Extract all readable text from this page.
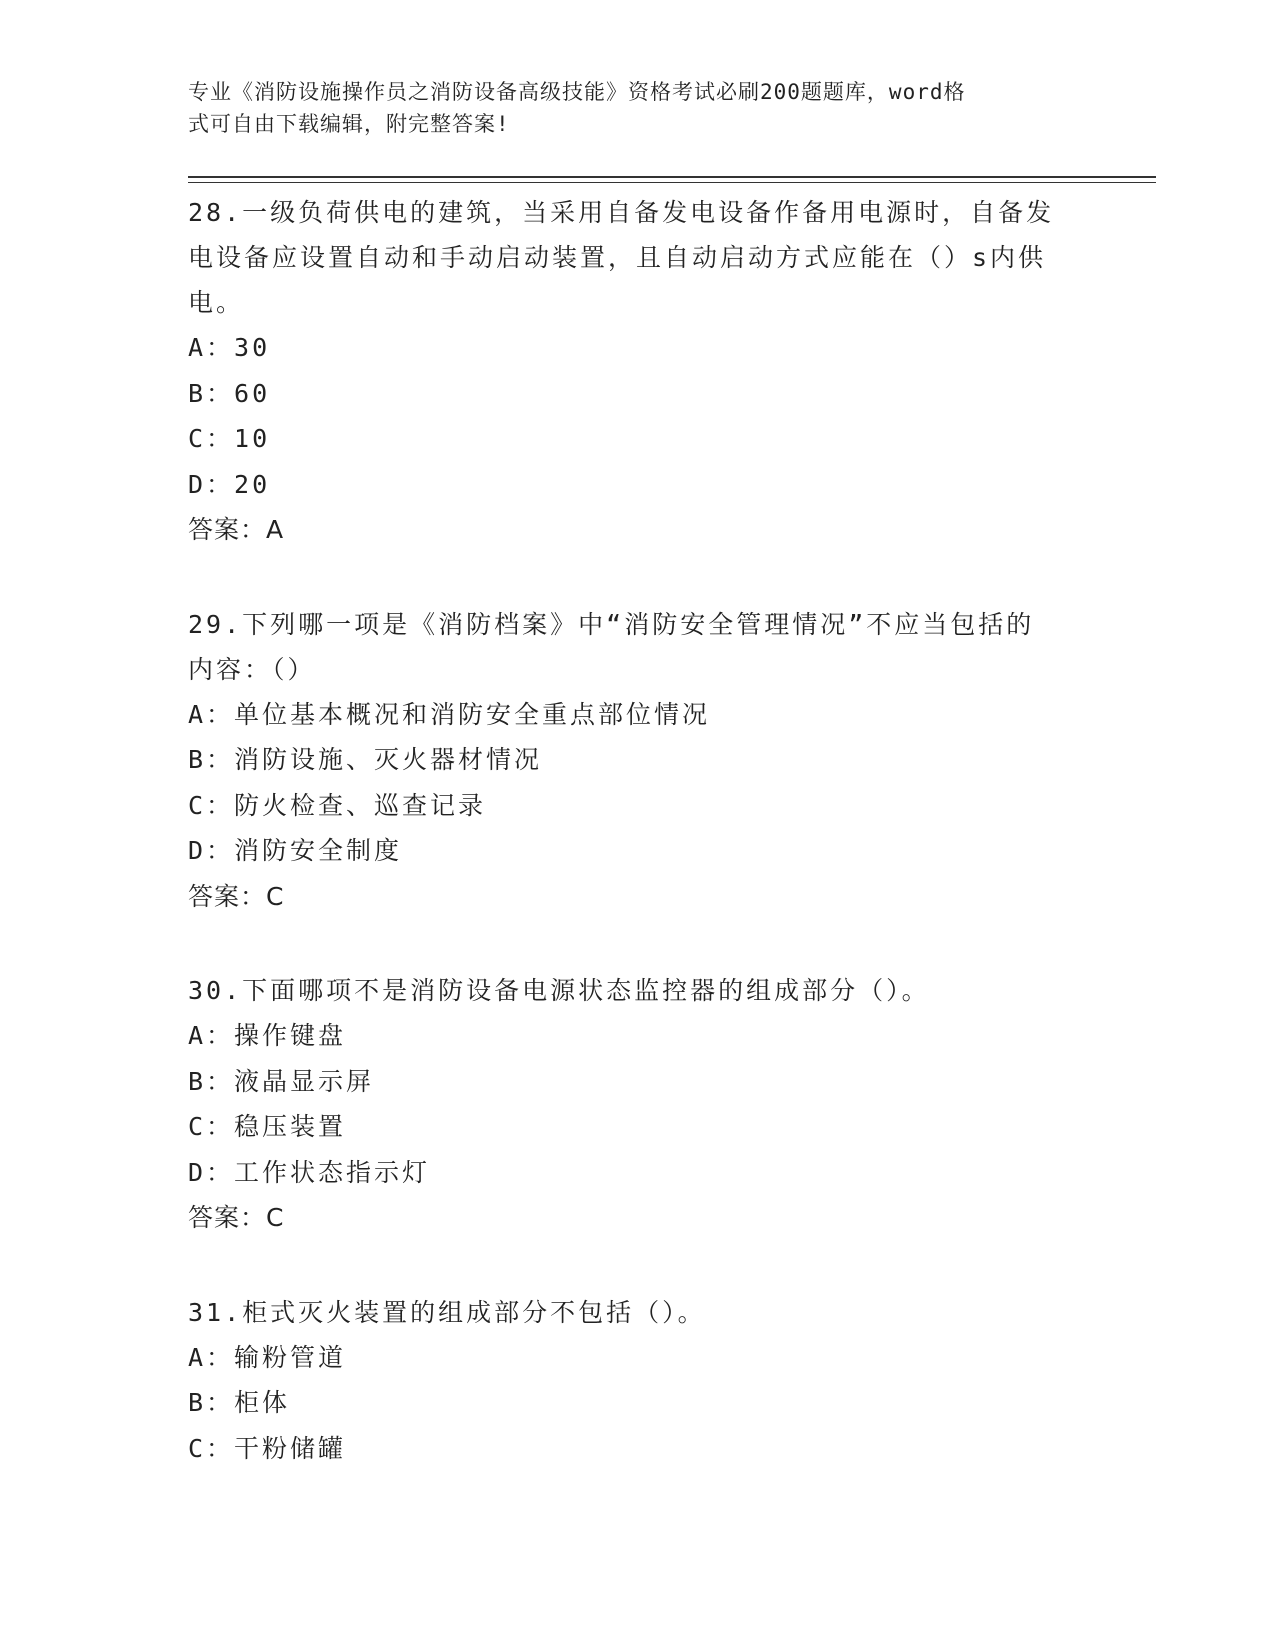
专业《消防设施操作员之消防设备高级技能》资格考试必刷200题题库，word格
式可自由下载编辑，附完整答案!
28.一级负荷供电的建筑，当采用自备发电设备作备用电源时，自备发
电设备应设置自动和手动启动装置，且自动启动方式应能在（）s内供
电。
A：30
B：60
C：10
D：20
答案：A
29.下列哪一项是《消防档案》中“消防安全管理情况”不应当包括的
内容：（）
A：单位基本概况和消防安全重点部位情况
B：消防设施、灭火器材情况
C：防火检查、巡查记录
D：消防安全制度
答案：C
30.下面哪项不是消防设备电源状态监控器的组成部分（）。
A：操作键盘
B：液晶显示屏
C：稳压装置
D：工作状态指示灯
答案：C
31.柜式灭火装置的组成部分不包括（）。
A：输粉管道
B：柜体
C：干粉储罐
